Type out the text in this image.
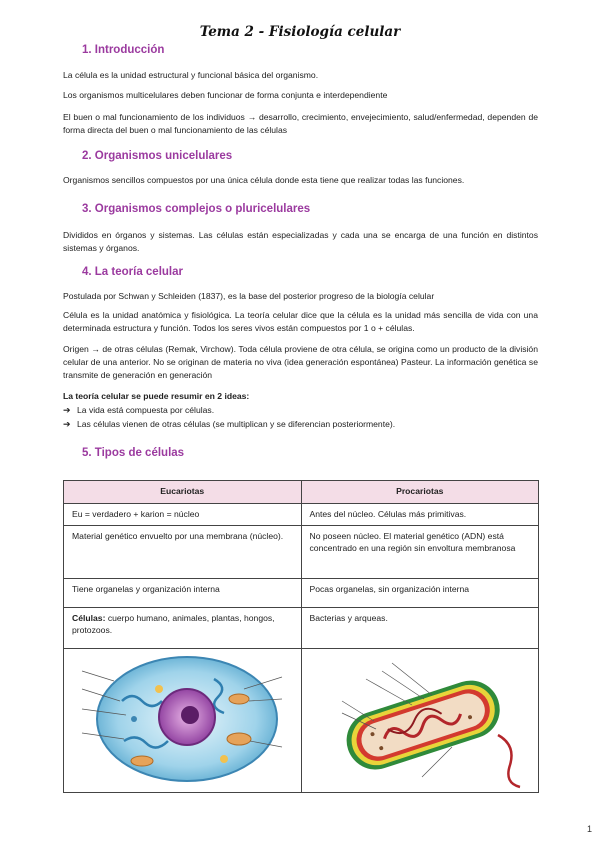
Tema 2 - Fisiología celular
1. Introducción
La célula es la unidad estructural y funcional básica del organismo.
Los organismos multicelulares deben funcionar de forma conjunta e interdependiente
El buen o mal funcionamiento de los individuos → desarrollo, crecimiento, envejecimiento, salud/enfermedad, dependen de forma directa del buen o mal funcionamiento de las células
2. Organismos unicelulares
Organismos sencillos compuestos por una única célula donde esta tiene que realizar todas las funciones.
3. Organismos complejos o pluricelulares
Divididos en órganos y sistemas. Las células están especializadas y cada una se encarga de una función en distintos sistemas y órganos.
4. La teoría celular
Postulada por Schwan y Schleiden (1837), es la base del posterior progreso de la biología celular
Célula es la unidad anatómica y fisiológica. La teoría celular dice que la célula es la unidad más sencilla de vida con una determinada estructura y función. Todos los seres vivos están compuestos por 1 o + células.
Origen → de otras células (Remak, Virchow). Toda célula proviene de otra célula, se origina como un producto de la división celular de una anterior. No se originan de materia no viva (idea generación espontánea) Pasteur. La información genética se transmite de generación en generación
La teoría celular se puede resumir en 2 ideas:
➔ La vida está compuesta por células.
➔ Las células vienen de otras células (se multiplican y se diferencian posteriormente).
5. Tipos de células
Eucariotas	Procariotas
Eu = verdadero + karion = núcleo	Antes del núcleo. Células más primitivas.
Material genético envuelto por una membrana (núcleo).	No poseen núcleo. El material genético (ADN) está concentrado en una región sin envoltura membranosa
Tiene organelas y organización interna	Pocas organelas, sin organización interna
Células: cuerpo humano, animales, plantas, hongos, protozoos.	Bacterias y arqueas.

1
